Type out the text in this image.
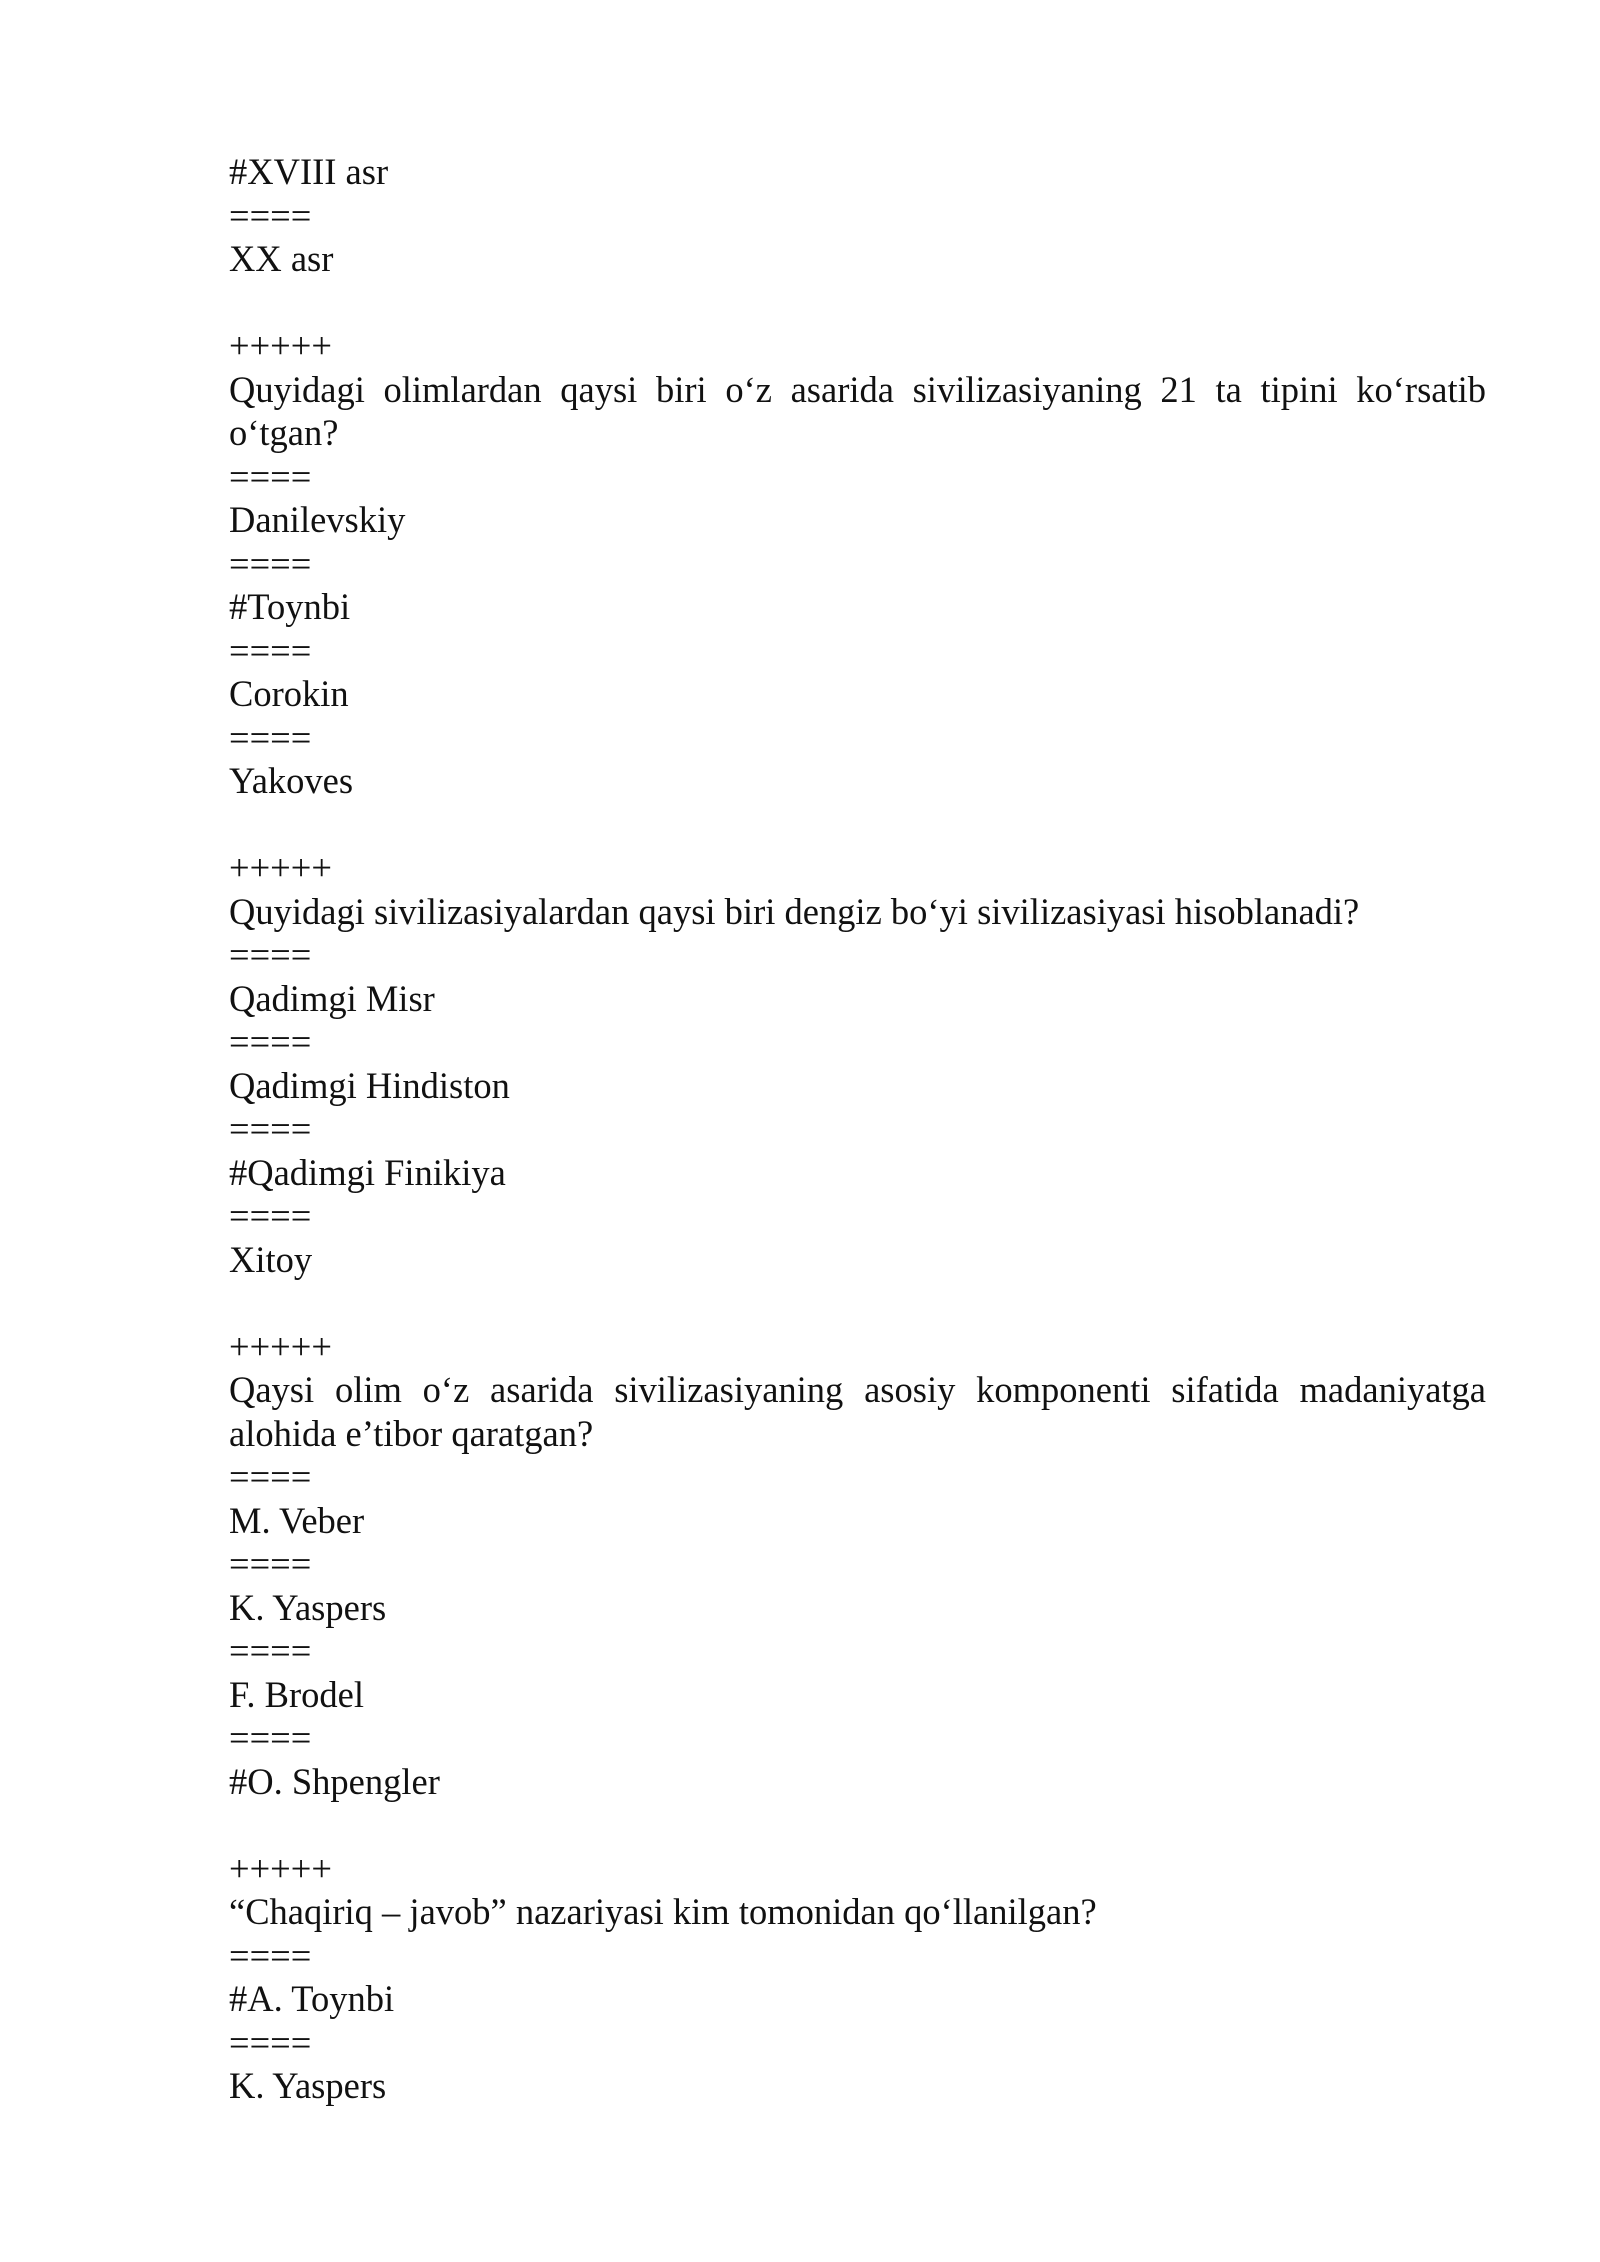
#XVIII asr
====
XX asr
+++++
Quyidagi olimlardan qaysi biri o‘z asarida sivilizasiyaning 21 ta tipini ko‘rsatib o‘tgan?
====
Danilevskiy
====
#Toynbi
====
Corokin
====
Yakoves
+++++
Quyidagi sivilizasiyalardan qaysi biri dengiz bo‘yi sivilizasiyasi hisoblanadi?
====
Qadimgi Misr
====
Qadimgi Hindiston
====
#Qadimgi Finikiya
====
Xitoy
+++++
Qaysi olim o‘z asarida sivilizasiyaning asosiy komponenti sifatida madaniyatga alohida e’tibor qaratgan?
====
M. Veber
====
K. Yaspers
====
F. Brodel
====
#O. Shpengler
+++++
“Chaqiriq – javob” nazariyasi kim tomonidan qo‘llanilgan?
====
#A. Toynbi
====
K. Yaspers
